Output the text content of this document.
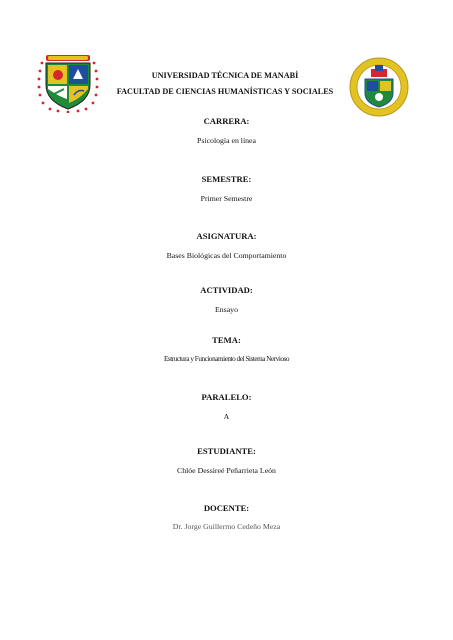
UNIVERSIDAD TÉCNICA DE MANABÍ
FACULTAD DE CIENCIAS HUMANÍSTICAS Y SOCIALES
CARRERA:
Psicología en línea
SEMESTRE:
Primer Semestre
ASIGNATURA:
Bases Biológicas del Comportamiento
ACTIVIDAD:
Ensayo
TEMA:
Estructura y Funcionamiento del Sistema Nervioso
PARALELO:
A
ESTUDIANTE:
Chlóe Dessireé Peñarrieta León
DOCENTE:
Dr. Jorge Guillermo Cedeño Meza
